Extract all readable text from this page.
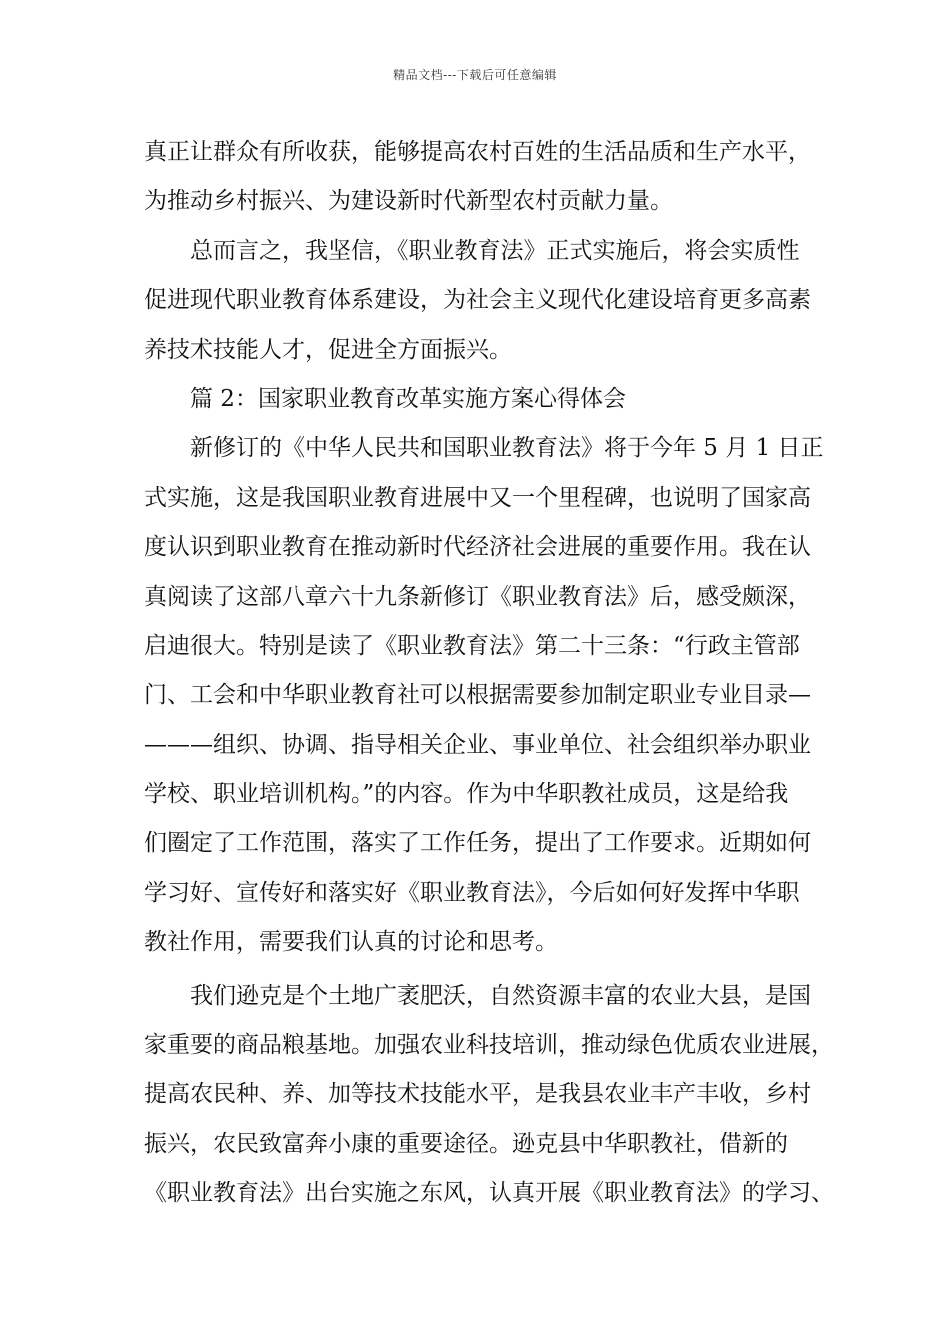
精品文档---下载后可任意编辑
真正让群众有所收获，能够提高农村百姓的生活品质和生产水平，
为推动乡村振兴、为建设新时代新型农村贡献力量。
总而言之，我坚信，《职业教育法》正式实施后，将会实质性
促进现代职业教育体系建设，为社会主义现代化建设培育更多高素
养技术技能人才，促进全方面振兴。
篇 2：国家职业教育改革实施方案心得体会
新修订的《中华人民共和国职业教育法》将于今年 5 月 1 日正
式实施，这是我国职业教育进展中又一个里程碑，也说明了国家高
度认识到职业教育在推动新时代经济社会进展的重要作用。我在认
真阅读了这部八章六十九条新修订《职业教育法》后，感受颇深，
启迪很大。特别是读了《职业教育法》第二十三条：“行政主管部
门、工会和中华职业教育社可以根据需要参加制定职业专业目录—
———组织、协调、指导相关企业、事业单位、社会组织举办职业
学校、职业培训机构。”的内容。作为中华职教社成员，这是给我
们圈定了工作范围，落实了工作任务，提出了工作要求。近期如何
学习好、宣传好和落实好《职业教育法》，今后如何好发挥中华职
教社作用，需要我们认真的讨论和思考。
我们逊克是个土地广袤肥沃，自然资源丰富的农业大县，是国
家重要的商品粮基地。加强农业科技培训，推动绿色优质农业进展，
提高农民种、养、加等技术技能水平，是我县农业丰产丰收，乡村
振兴，农民致富奔小康的重要途径。逊克县中华职教社，借新的
《职业教育法》出台实施之东风，认真开展《职业教育法》的学习、
